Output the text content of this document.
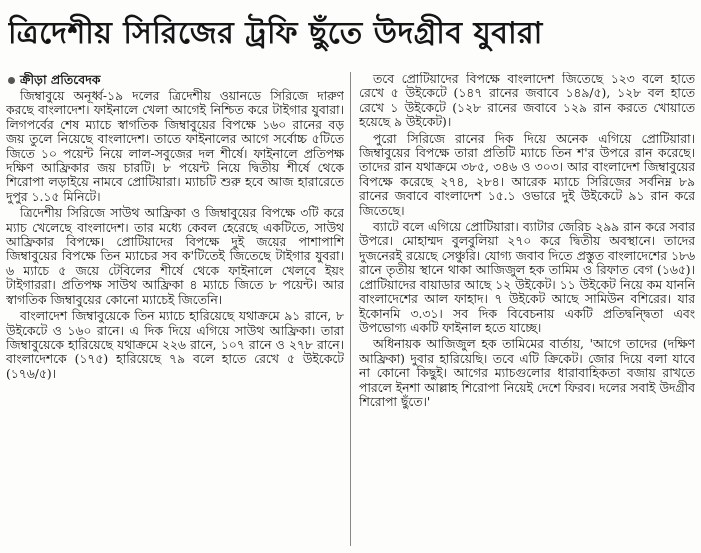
ত্রিদেশীয় সিরিজের ট্রফি ছুঁতে উদগ্রীব যুবারা
ক্রীড়া প্রতিবেদক

জিম্বাবুয়ে অনূর্ধ্ব-১৯ দলের ত্রিদেশীয় ওয়ানডে সিরিজে দারুণ করছে বাংলাদেশ। ফাইনালে খেলা আগেই নিশ্চিত করে টাইগার যুবারা। লিগপর্বের শেষ ম্যাচে স্বাগতিক জিম্বাবুয়ের বিপক্ষে ১৬০ রানের বড় জয় তুলে নিয়েছে বাংলাদেশ। তাতে ফাইনালের আগে সর্বোচ্চ ৫টিতে জিতে ১০ পয়েন্ট নিয়ে লাল-সবুজের দল শীর্ষে। ফাইনালে প্রতিপক্ষ দক্ষিণ আফ্রিকার জয় চারটি। ৮ পয়েন্ট নিয়ে দ্বিতীয় শীর্ষে থেকে শিরোপা লড়াইয়ে নামবে প্রোটিয়ারা। ম্যাচটি শুরু হবে আজ হারারেতে দুপুর ১.১৫ মিনিটে।

ত্রিদেশীয় সিরিজে সাউথ আফ্রিকা ও জিম্বাবুয়ের বিপক্ষে ৩টি করে ম্যাচ খেলেছে বাংলাদেশ। তার মধ্যে কেবল হেরেছে একটিতে, সাউথ আফ্রিকার বিপক্ষে। প্রোটিয়াদের বিপক্ষে দুই জয়ের পাশাপাশি জিম্বাবুয়ের বিপক্ষে তিন ম্যাচের সব ক'টিতেই জিতেছে টাইগার যুবরা। ৬ ম্যাচে ৫ জয়ে টেবিলের শীর্ষে থেকে ফাইনালে খেলবে ইয়ং টাইগাররা। প্রতিপক্ষ সাউথ আফ্রিকা ৪ ম্যাচে জিতে ৮ পয়েন্ট। আর স্বাগতিক জিম্বাবুয়ের কোনো ম্যাচেই জিতেনি।

বাংলাদেশ জিম্বাবুয়েকে তিন ম্যাচে হারিয়েছে যথাক্রমে ৯১ রানে, ৮ উইকেটে ও ১৬০ রানে। এ দিক দিয়ে এগিয়ে সাউথ আফ্রিকা। তারা জিম্বাবুয়েকে হারিয়েছে যথাক্রমে ২২৬ রানে, ১০৭ রানে ও ২৭৮ রানে। বাংলাদেশকে (১৭৫) হারিয়েছে ৭৯ বলে হাতে রেখে ৫ উইকেটে (১৭৬/৫)।

তবে প্রোটিয়াদের বিপক্ষে বাংলাদেশ জিতেছে ১২৩ বলে হাতে রেখে ৫ উইকেটে (১৪৭ রানের জবাবে ১৪৯/৫), ১২৮ বল হাতে রেখে ১ উইকেটে (১২৮ রানের জবাবে ১২৯ রান করতে খোয়াতে হয়েছে ৯ উইকেট)।

পুরো সিরিজে রানের দিক দিয়ে অনেক এগিয়ে প্রোটিয়ারা। জিম্বাবুয়ের বিপক্ষে তারা প্রতিটি ম্যাচে তিন শ'র উপরে রান করেছে। তাদের রান যথাক্রমে ৩৮৫, ৩৪৬ ও ৩০৩। আর বাংলাদেশ জিম্বাবুয়ের বিপক্ষে করেছে ২৭৪, ২৮৪। আরেক ম্যাচে সিরিজের সর্বনিম্ন ৮৯ রানের জবাবে বাংলাদেশ ১৫.১ ওভারে দুই উইকেটে ৯১ রান করে জিতেছে।

ব্যাটে বলে এগিয়ে প্রোটিয়ারা। ব্যাটার জেরিচ ২৯৯ রান করে সবার উপরে। মোহাম্মদ বুলবুলিয়া ২৭০ করে দ্বিতীয় অবস্থানে। তাদের দুজনেরই রয়েছে সেঞ্চুরি। যোগ্য জবাব দিতে প্রস্তুত বাংলাদেশের ১৮৬ রানে তৃতীয় স্থানে থাকা আজিজুল হক তামিম ও রিফাত বেগ (১৬৫)। প্রোটিয়াদের বায়াডার আছে ১২ উইকেট। ১১ উইকেট নিয়ে কম যাননি বাংলাদেশের আল ফাহাদ। ৭ উইকেট আছে সামিউন বশিরের। যার ইকোনমি ৩.৩১। সব দিক বিবেচনায় একটি প্রতিদ্বন্দ্বিতা এবং উপভোগ্য একটি ফাইনাল হতে যাচ্ছে।

অধিনায়ক আজিজুল হক তামিমের বার্তায়, 'আগে তাদের (দক্ষিণ আফ্রিকা) দুবার হারিয়েছি। তবে এটি ক্রিকেট। জোর দিয়ে বলা যাবে না কোনো কিছুই। আগের ম্যাচগুলোর ধারাবাহিকতা বজায় রাখতে পারলে ইনশা আল্লাহ শিরোপা নিয়েই দেশে ফিরব। দলের সবাই উদগ্রীব শিরোপা ছুঁতে।'
